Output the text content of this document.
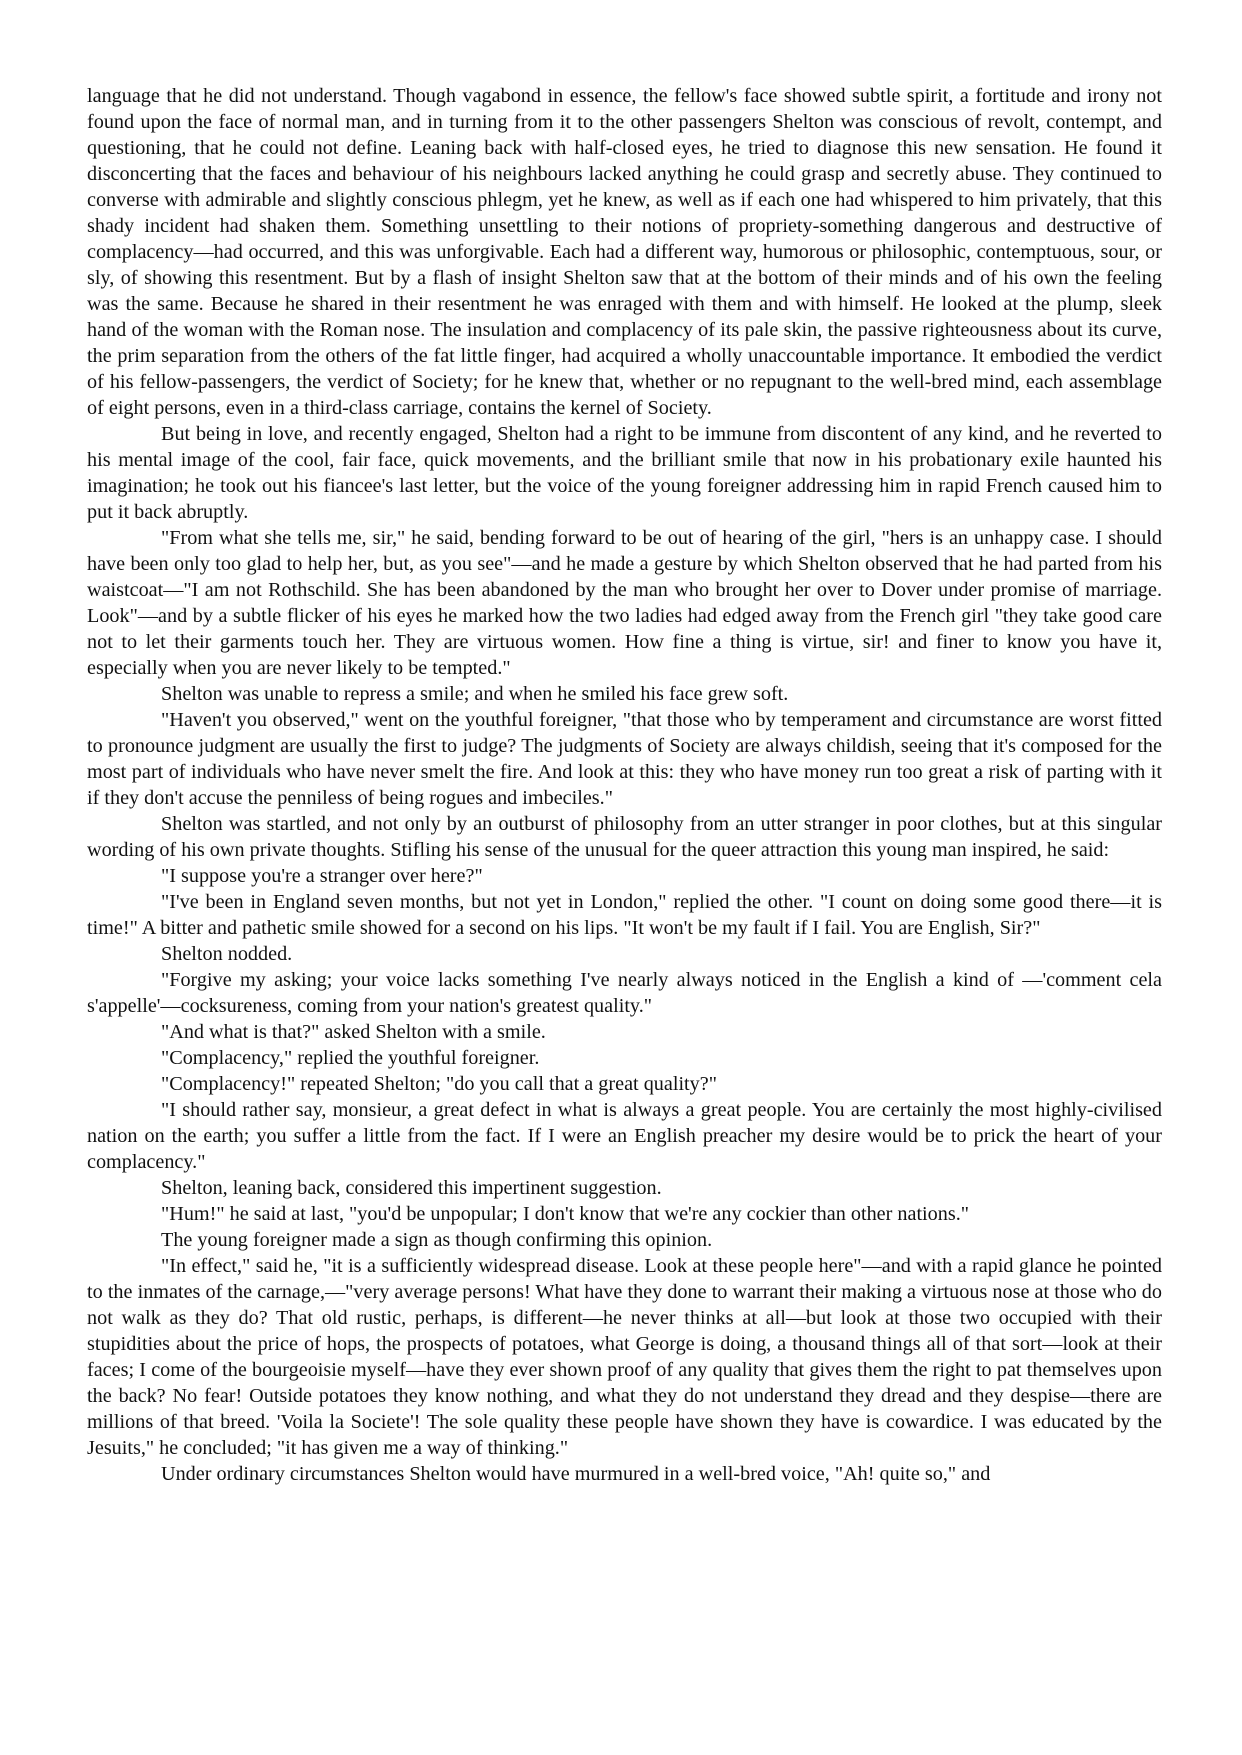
language that he did not understand. Though vagabond in essence, the fellow's face showed subtle spirit, a fortitude and irony not found upon the face of normal man, and in turning from it to the other passengers Shelton was conscious of revolt, contempt, and questioning, that he could not define. Leaning back with half-closed eyes, he tried to diagnose this new sensation. He found it disconcerting that the faces and behaviour of his neighbours lacked anything he could grasp and secretly abuse. They continued to converse with admirable and slightly conscious phlegm, yet he knew, as well as if each one had whispered to him privately, that this shady incident had shaken them. Something unsettling to their notions of propriety-something dangerous and destructive of complacency—had occurred, and this was unforgivable. Each had a different way, humorous or philosophic, contemptuous, sour, or sly, of showing this resentment. But by a flash of insight Shelton saw that at the bottom of their minds and of his own the feeling was the same. Because he shared in their resentment he was enraged with them and with himself. He looked at the plump, sleek hand of the woman with the Roman nose. The insulation and complacency of its pale skin, the passive righteousness about its curve, the prim separation from the others of the fat little finger, had acquired a wholly unaccountable importance. It embodied the verdict of his fellow-passengers, the verdict of Society; for he knew that, whether or no repugnant to the well-bred mind, each assemblage of eight persons, even in a third-class carriage, contains the kernel of Society.

But being in love, and recently engaged, Shelton had a right to be immune from discontent of any kind, and he reverted to his mental image of the cool, fair face, quick movements, and the brilliant smile that now in his probationary exile haunted his imagination; he took out his fiancee's last letter, but the voice of the young foreigner addressing him in rapid French caused him to put it back abruptly.

"From what she tells me, sir," he said, bending forward to be out of hearing of the girl, "hers is an unhappy case. I should have been only too glad to help her, but, as you see"—and he made a gesture by which Shelton observed that he had parted from his waistcoat—"I am not Rothschild. She has been abandoned by the man who brought her over to Dover under promise of marriage. Look"—and by a subtle flicker of his eyes he marked how the two ladies had edged away from the French girl "they take good care not to let their garments touch her. They are virtuous women. How fine a thing is virtue, sir! and finer to know you have it, especially when you are never likely to be tempted."

Shelton was unable to repress a smile; and when he smiled his face grew soft.

"Haven't you observed," went on the youthful foreigner, "that those who by temperament and circumstance are worst fitted to pronounce judgment are usually the first to judge? The judgments of Society are always childish, seeing that it's composed for the most part of individuals who have never smelt the fire. And look at this: they who have money run too great a risk of parting with it if they don't accuse the penniless of being rogues and imbeciles."

Shelton was startled, and not only by an outburst of philosophy from an utter stranger in poor clothes, but at this singular wording of his own private thoughts. Stifling his sense of the unusual for the queer attraction this young man inspired, he said:

"I suppose you're a stranger over here?"

"I've been in England seven months, but not yet in London," replied the other. "I count on doing some good there—it is time!" A bitter and pathetic smile showed for a second on his lips. "It won't be my fault if I fail. You are English, Sir?"

Shelton nodded.

"Forgive my asking; your voice lacks something I've nearly always noticed in the English a kind of —'comment cela s'appelle'—cocksureness, coming from your nation's greatest quality."

"And what is that?" asked Shelton with a smile.

"Complacency," replied the youthful foreigner.

"Complacency!" repeated Shelton; "do you call that a great quality?"

"I should rather say, monsieur, a great defect in what is always a great people. You are certainly the most highly-civilised nation on the earth; you suffer a little from the fact. If I were an English preacher my desire would be to prick the heart of your complacency."

Shelton, leaning back, considered this impertinent suggestion.

"Hum!" he said at last, "you'd be unpopular; I don't know that we're any cockier than other nations."

The young foreigner made a sign as though confirming this opinion.

"In effect," said he, "it is a sufficiently widespread disease. Look at these people here"—and with a rapid glance he pointed to the inmates of the carnage,—"very average persons! What have they done to warrant their making a virtuous nose at those who do not walk as they do? That old rustic, perhaps, is different—he never thinks at all—but look at those two occupied with their stupidities about the price of hops, the prospects of potatoes, what George is doing, a thousand things all of that sort—look at their faces; I come of the bourgeoisie myself—have they ever shown proof of any quality that gives them the right to pat themselves upon the back? No fear! Outside potatoes they know nothing, and what they do not understand they dread and they despise—there are millions of that breed. 'Voila la Societe'! The sole quality these people have shown they have is cowardice. I was educated by the Jesuits," he concluded; "it has given me a way of thinking."

Under ordinary circumstances Shelton would have murmured in a well-bred voice, "Ah! quite so," and
